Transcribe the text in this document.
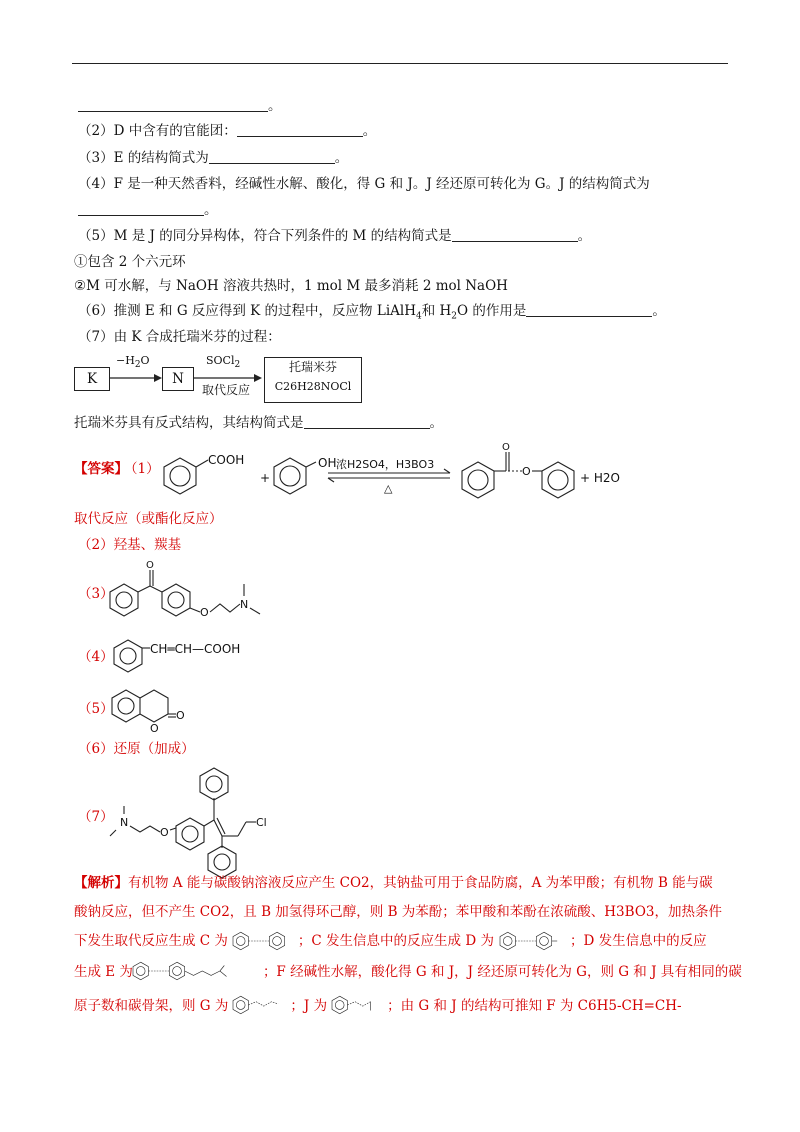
。
（2）D 中含有的官能团：	。
（3）E 的结构简式为	。
（4）F 是一种天然香料，经碱性水解、酸化，得 G 和 J。J 经还原可转化为 G。J 的结构简式为
。
（5）M 是 J 的同分异构体，符合下列条件的 M 的结构简式是	。
①包含 2 个六元环
②M 可水解，与 NaOH 溶液共热时，1 mol M 最多消耗 2 mol NaOH
（6）推测 E 和 G 反应得到 K 的过程中，反应物 LiAlH$_4$和 $H_2O$ 的作用是	。
（7）由 K 合成托瑞米芬的过程：
K
$-H_2O$
N
SOCl$_2$
取代反应
托瑞米芬
C26H28NOCl
托瑞米芬具有反式结构，其结构简式是	。
【答案】
（1）
COOH
+
OH 浓H2SO4，H3BO3
△
O
O	+ H2O
取代反应（或酯化反应）
（2）羟基、羰基
（3）
O
O
N
（4）	CH═CH—COOH
（5）	O
O
（6）还原（加成）
（7） N
O
Cl
【解析】有机物 A 能与碳酸钠溶液反应产生 CO2，其钠盐可用于食品防腐，A 为苯甲酸；有机物 B 能与碳
酸钠反应，但不产生 CO2，且 B 加氢得环己醇，则 B 为苯酚；苯甲酸和苯酚在浓硫酸、H3BO3，加热条件
下发生取代反应生成 C 为	；C 发生信息中的反应生成 D 为	；D 发生信息中的反应
生成 E 为	；F 经碱性水解，酸化得 G 和 J，J 经还原可转化为 G，则 G 和 J 具有相同的碳
原子数和碳骨架，则 G 为	；J 为	；由 G 和 J 的结构可推知 F 为 C6H5-CH=CH-
